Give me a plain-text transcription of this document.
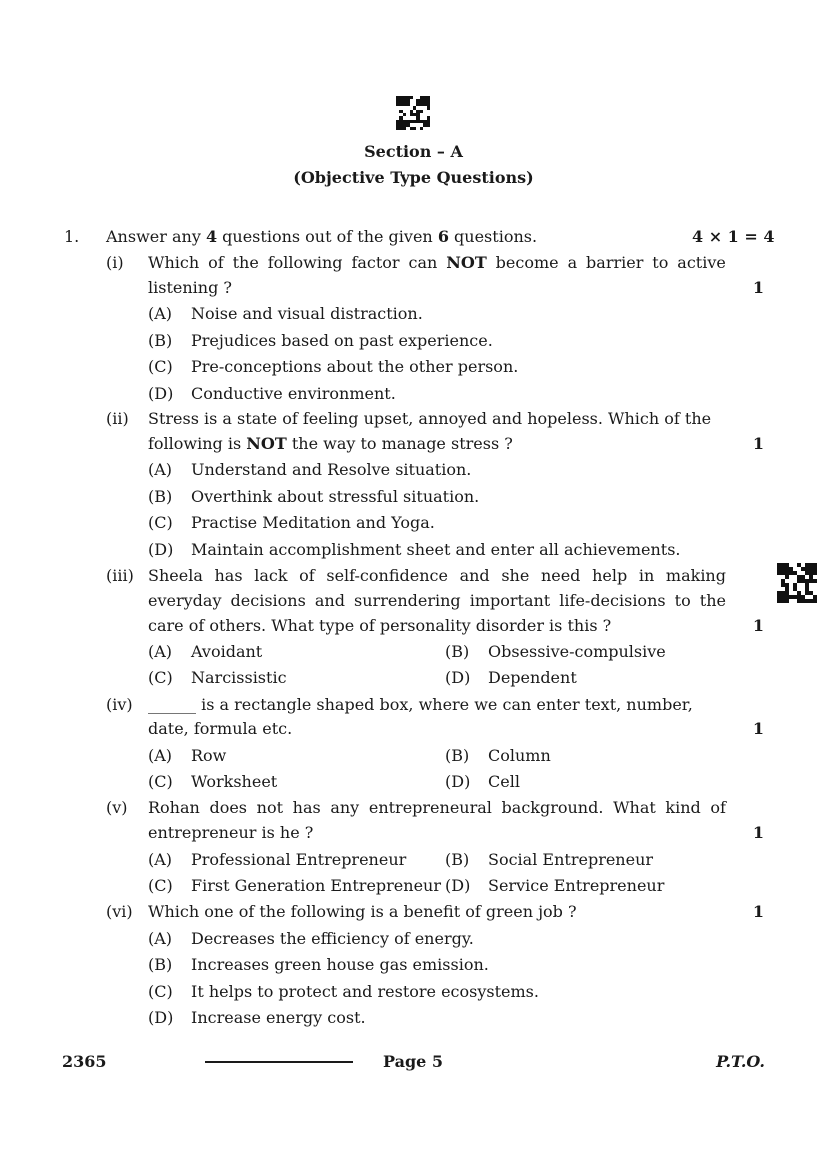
Section – A
(Objective Type Questions)
1. Answer any 4 questions out of the given 6 questions.	4 × 1 = 4
(i) Which of the following factor can NOT become a barrier to active
listening ?	1
(A) Noise and visual distraction.
(B) Prejudices based on past experience.
(C) Pre-conceptions about the other person.
(D) Conductive environment.
(ii) Stress is a state of feeling upset, annoyed and hopeless. Which of the
following is NOT the way to manage stress ?	1
(A) Understand and Resolve situation.
(B) Overthink about stressful situation.
(C) Practise Meditation and Yoga.
(D) Maintain accomplishment sheet and enter all achievements.
(iii) Sheela has lack of self-confidence and she need help in making
everyday decisions and surrendering important life-decisions to the
care of others. What type of personality disorder is this ?	1
(A) Avoidant	(B) Obsessive-compulsive
(C) Narcissistic	(D) Dependent
(iv) ______ is a rectangle shaped box, where we can enter text, number,
date, formula etc.	1
(A) Row	(B) Column
(C) Worksheet	(D) Cell
(v) Rohan does not has any entrepreneural background. What kind of
entrepreneur is he ?	1
(A) Professional Entrepreneur (B) Social Entrepreneur
(C) First Generation Entrepreneur (D) Service Entrepreneur
(vi) Which one of the following is a benefit of green job ?	1
(A) Decreases the efficiency of energy.
(B) Increases green house gas emission.
(C) It helps to protect and restore ecosystems.
(D) Increase energy cost.
2365	Page 5	P.T.O.
